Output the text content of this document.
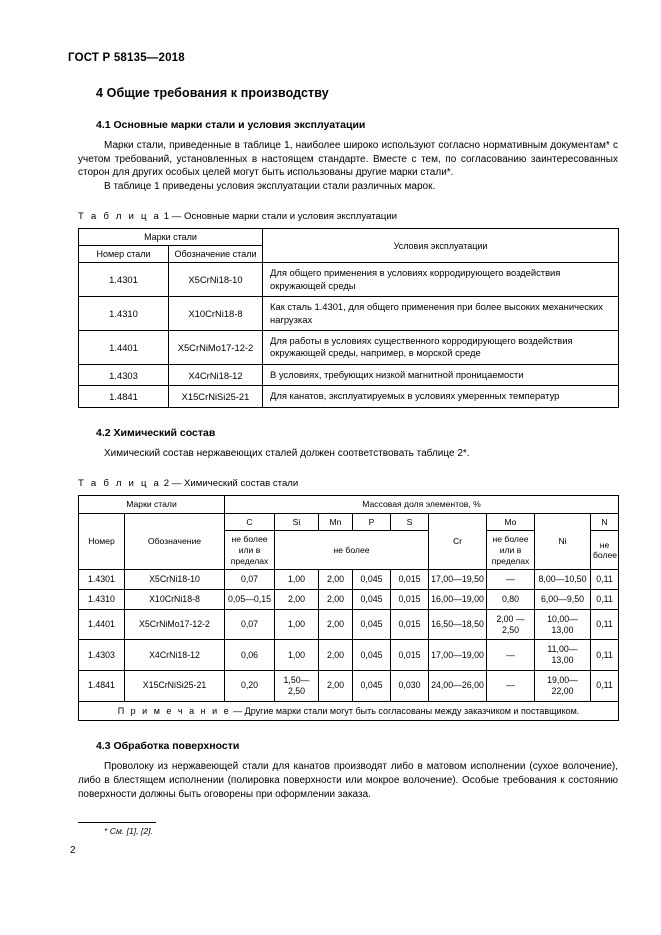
ГОСТ Р 58135—2018
4 Общие требования к производству
4.1 Основные марки стали и условия эксплуатации

Марки стали, приведенные в таблице 1, наиболее широко используют согласно нормативным документам* с учетом требований, установленных в настоящем стандарте. Вместе с тем, по согласованию заинтересованных сторон для других особых целей могут быть использованы другие марки стали*.

В таблице 1 приведены условия эксплуатации стали различных марок.

Т а б л и ц а 1 — Основные марки стали и условия эксплуатации
Марки стали		Условия эксплуатации
Номер стали	Обозначение стали	
1.4301	X5CrNi18-10	Для общего применения в условиях корродирующего воздействия окружающей среды
1.4310	X10CrNi18-8	Как сталь 1.4301, для общего применения при более высоких механических нагрузках
1.4401	X5CrNiMo17-12-2	Для работы в условиях существенного корродирующего воздействия окружающей среды, например, в морской среде
1.4303	X4CrNi18-12	В условиях, требующих низкой магнитной проницаемости
1.4841	X15CrNiSi25-21	Для канатов, эксплуатируемых в условиях умеренных температур
4.2 Химический состав

Химический состав нержавеющих сталей должен соответствовать таблице 2*.

Т а б л и ц а 2 — Химический состав стали
Марки стали		Массовая доля элементов, %								
Номер	Обозначение	C	Si	Mn	P	S	Cr	Mo	Ni	N
		не более или в пределах	не более					не более или в пределах		не более
1.4301	X5CrNi18-10	0,07	1,00	2,00	0,045	0,015	17,00—19,50	—	8,00—10,50	0,11
1.4310	X10CrNi18-8	0,05—0,15	2,00	2,00	0,045	0,015	16,00—19,00	0,80	6,00—9,50	0,11
1.4401	X5CrNiMo17-12-2	0,07	1,00	2,00	0,045	0,015	16,50—18,50	2,00 — 2,50	10,00—13,00	0,11
1.4303	X4CrNi18-12	0,06	1,00	2,00	0,045	0,015	17,00—19,00	—	11,00—13,00	0,11
1.4841	X15CrNiSi25-21	0,20	1,50—2,50	2,00	0,045	0,030	24,00—26,00	—	19,00—22,00	0,11
П р и м е ч а н и е — Другие марки стали могут быть согласованы между заказчиком и поставщиком.										
4.3 Обработка поверхности

Проволоку из нержавеющей стали для канатов производят либо в матовом исполнении (сухое волочение), либо в блестящем исполнении (полировка поверхности или мокрое волочение). Особые требования к состоянию поверхности должны быть оговорены при оформлении заказа.

* См. [1], [2].
2
